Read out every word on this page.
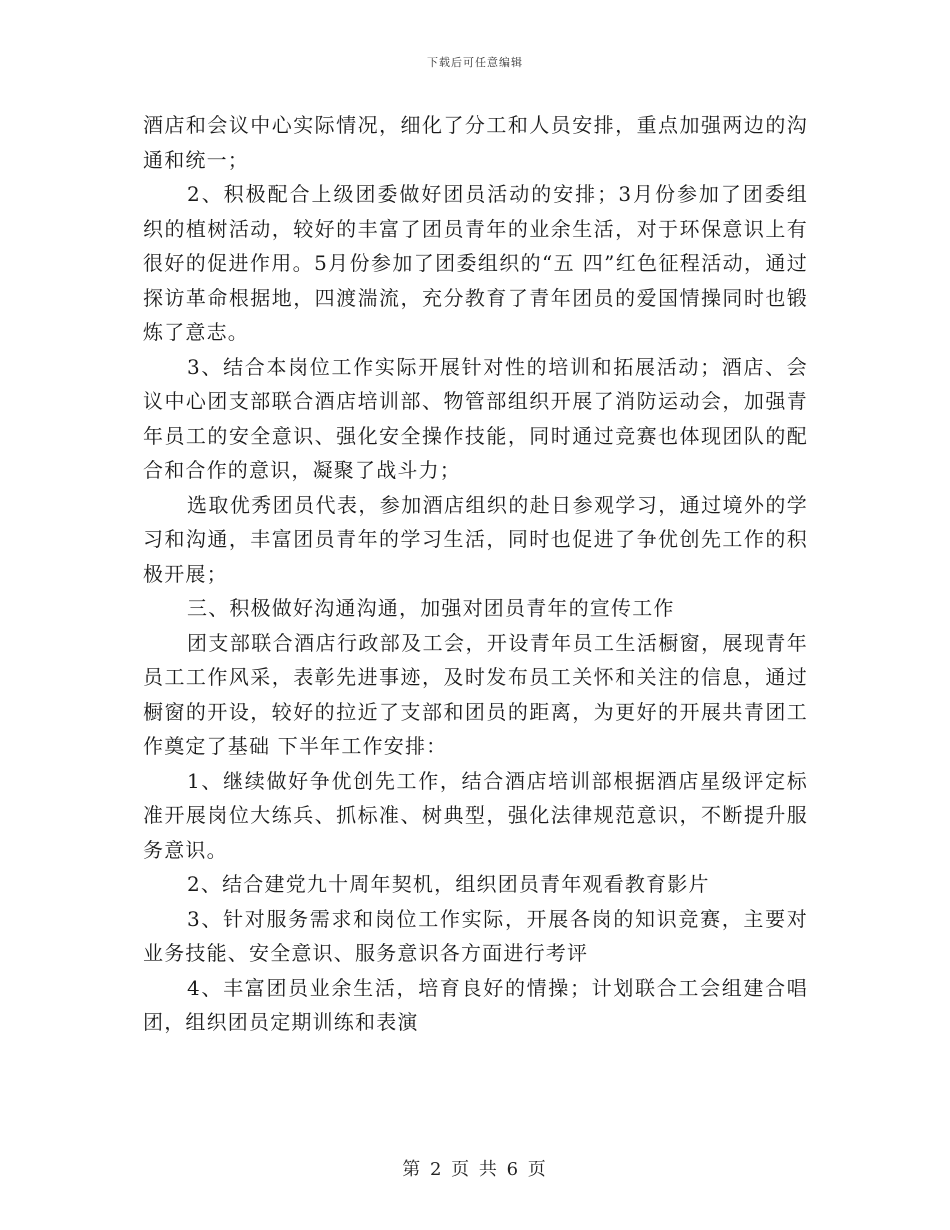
下载后可任意编辑

酒店和会议中心实际情况，细化了分工和人员安排，重点加强两边的沟通和统一；

2、积极配合上级团委做好团员活动的安排；3月份参加了团委组织的植树活动，较好的丰富了团员青年的业余生活，对于环保意识上有很好的促进作用。5月份参加了团委组织的“五 四”红色征程活动，通过探访革命根据地，四渡湍流，充分教育了青年团员的爱国情操同时也锻炼了意志。

3、结合本岗位工作实际开展针对性的培训和拓展活动；酒店、会议中心团支部联合酒店培训部、物管部组织开展了消防运动会，加强青年员工的安全意识、强化安全操作技能，同时通过竞赛也体现团队的配合和合作的意识，凝聚了战斗力；

选取优秀团员代表，参加酒店组织的赴日参观学习，通过境外的学习和沟通，丰富团员青年的学习生活，同时也促进了争优创先工作的积极开展；

三、积极做好沟通沟通，加强对团员青年的宣传工作

团支部联合酒店行政部及工会，开设青年员工生活橱窗，展现青年员工工作风采，表彰先进事迹，及时发布员工关怀和关注的信息，通过橱窗的开设，较好的拉近了支部和团员的距离，为更好的开展共青团工作奠定了基础 下半年工作安排：

1、继续做好争优创先工作，结合酒店培训部根据酒店星级评定标准开展岗位大练兵、抓标准、树典型，强化法律规范意识，不断提升服务意识。

2、结合建党九十周年契机，组织团员青年观看教育影片

3、针对服务需求和岗位工作实际，开展各岗的知识竞赛，主要对业务技能、安全意识、服务意识各方面进行考评

4、丰富团员业余生活，培育良好的情操；计划联合工会组建合唱团，组织团员定期训练和表演

第 2 页 共 6 页
